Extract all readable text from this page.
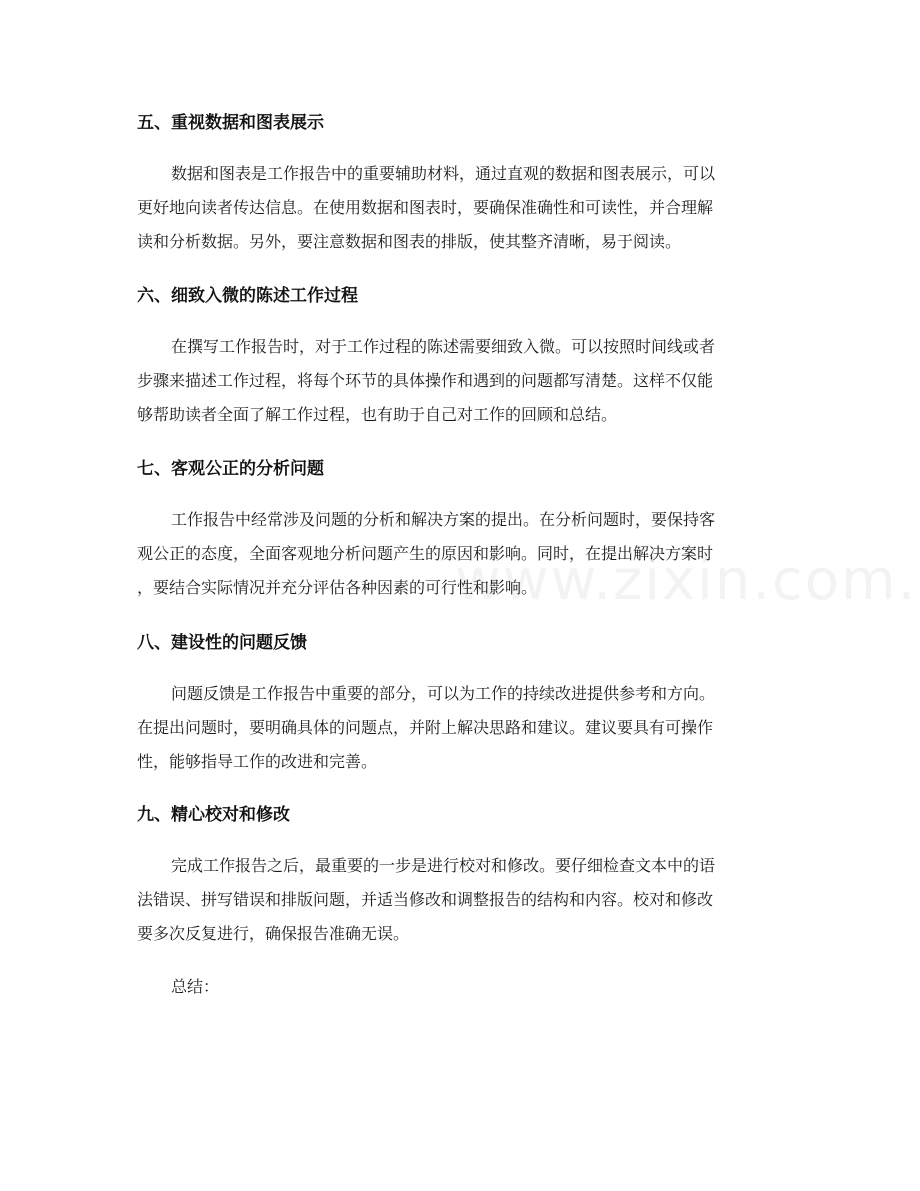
五、重视数据和图表展示
数据和图表是工作报告中的重要辅助材料，通过直观的数据和图表展示，可以
更好地向读者传达信息。在使用数据和图表时，要确保准确性和可读性，并合理解
读和分析数据。另外，要注意数据和图表的排版，使其整齐清晰，易于阅读。
六、细致入微的陈述工作过程
在撰写工作报告时，对于工作过程的陈述需要细致入微。可以按照时间线或者
步骤来描述工作过程，将每个环节的具体操作和遇到的问题都写清楚。这样不仅能
够帮助读者全面了解工作过程，也有助于自己对工作的回顾和总结。
七、客观公正的分析问题
工作报告中经常涉及问题的分析和解决方案的提出。在分析问题时，要保持客
观公正的态度，全面客观地分析问题产生的原因和影响。同时，在提出解决方案时
，要结合实际情况并充分评估各种因素的可行性和影响。
八、建设性的问题反馈
问题反馈是工作报告中重要的部分，可以为工作的持续改进提供参考和方向。
在提出问题时，要明确具体的问题点，并附上解决思路和建议。建议要具有可操作
性，能够指导工作的改进和完善。
九、精心校对和修改
完成工作报告之后，最重要的一步是进行校对和修改。要仔细检查文本中的语
法错误、拼写错误和排版问题，并适当修改和调整报告的结构和内容。校对和修改
要多次反复进行，确保报告准确无误。
总结：
